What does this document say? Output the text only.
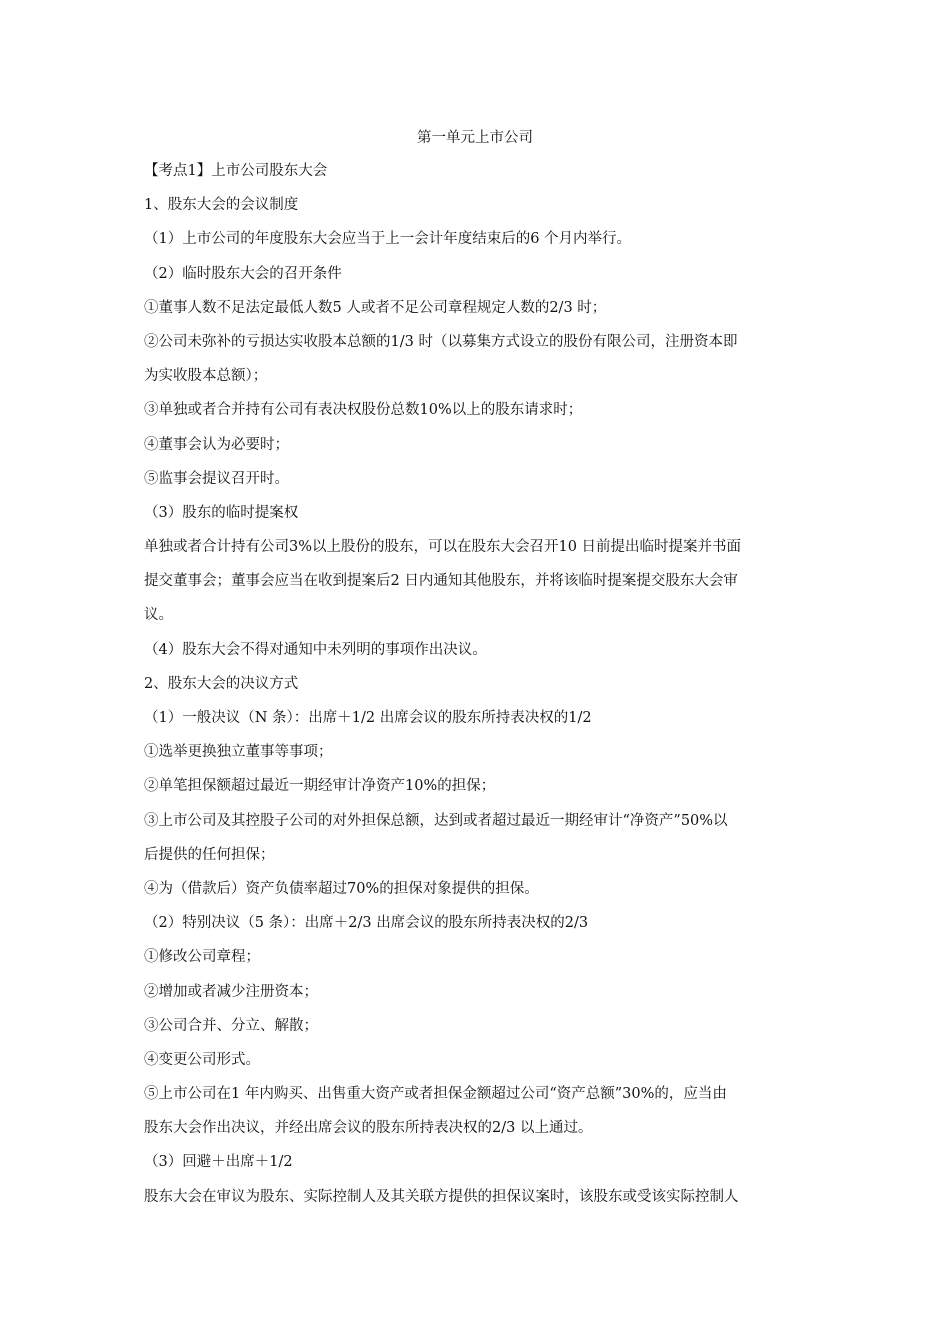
第一单元上市公司
【考点1】上市公司股东大会
1、股东大会的会议制度
（1）上市公司的年度股东大会应当于上一会计年度结束后的6 个月内举行。
（2）临时股东大会的召开条件
①董事人数不足法定最低人数5 人或者不足公司章程规定人数的2/3 时；
②公司未弥补的亏损达实收股本总额的1/3 时（以募集方式设立的股份有限公司，注册资本即
为实收股本总额）；
③单独或者合并持有公司有表决权股份总数10%以上的股东请求时；
④董事会认为必要时；
⑤监事会提议召开时。
（3）股东的临时提案权
单独或者合计持有公司3%以上股份的股东，可以在股东大会召开10 日前提出临时提案并书面
提交董事会；董事会应当在收到提案后2 日内通知其他股东，并将该临时提案提交股东大会审
议。
（4）股东大会不得对通知中未列明的事项作出决议。
2、股东大会的决议方式
（1）一般决议（N 条）：出席＋1/2 出席会议的股东所持表决权的1/2
①选举更换独立董事等事项；
②单笔担保额超过最近一期经审计净资产10%的担保；
③上市公司及其控股子公司的对外担保总额，达到或者超过最近一期经审计“净资产”50%以
后提供的任何担保；
④为（借款后）资产负债率超过70%的担保对象提供的担保。
（2）特别决议（5 条）：出席＋2/3 出席会议的股东所持表决权的2/3
①修改公司章程；
②增加或者减少注册资本；
③公司合并、分立、解散；
④变更公司形式。
⑤上市公司在1 年内购买、出售重大资产或者担保金额超过公司“资产总额”30%的，应当由
股东大会作出决议，并经出席会议的股东所持表决权的2/3 以上通过。
（3）回避＋出席＋1/2
股东大会在审议为股东、实际控制人及其关联方提供的担保议案时，该股东或受该实际控制人
